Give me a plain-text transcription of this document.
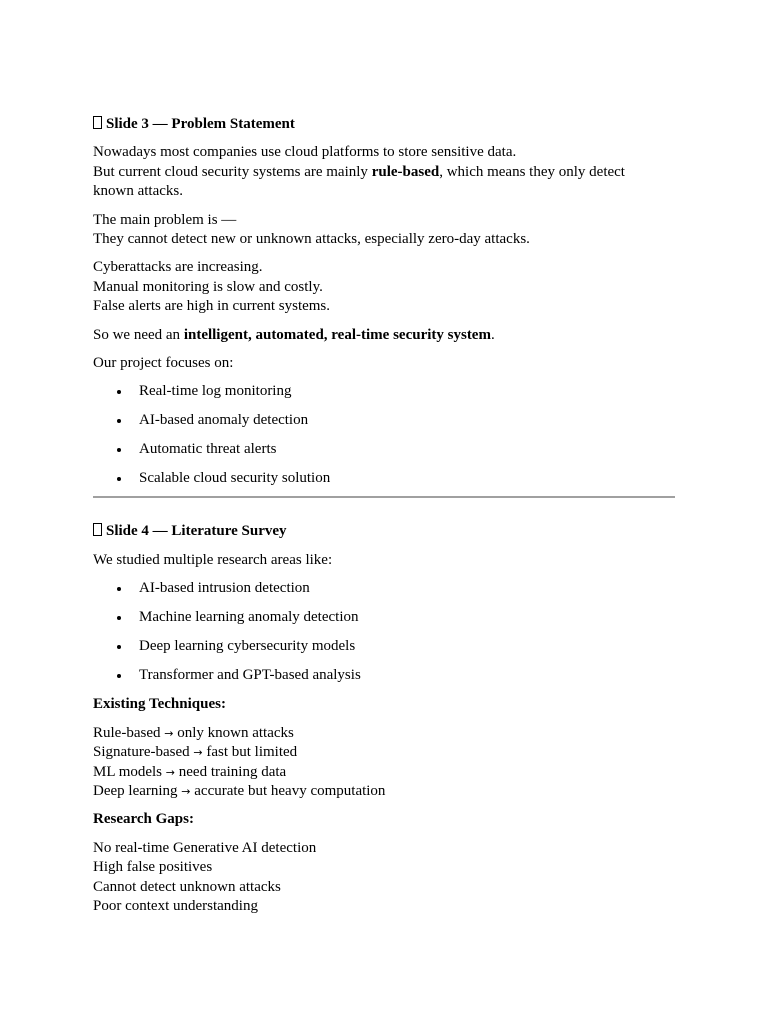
Slide 3 — Problem Statement
Nowadays most companies use cloud platforms to store sensitive data.
But current cloud security systems are mainly rule-based, which means they only detect
known attacks.
The main problem is —
They cannot detect new or unknown attacks, especially zero-day attacks.
Cyberattacks are increasing.
Manual monitoring is slow and costly.
False alerts are high in current systems.
So we need an intelligent, automated, real-time security system.
Our project focuses on:
Real-time log monitoring
AI-based anomaly detection
Automatic threat alerts
Scalable cloud security solution
Slide 4 — Literature Survey
We studied multiple research areas like:
AI-based intrusion detection
Machine learning anomaly detection
Deep learning cybersecurity models
Transformer and GPT-based analysis
Existing Techniques:
Rule-based → only known attacks
Signature-based → fast but limited
ML models → need training data
Deep learning → accurate but heavy computation
Research Gaps:
No real-time Generative AI detection
High false positives
Cannot detect unknown attacks
Poor context understanding
